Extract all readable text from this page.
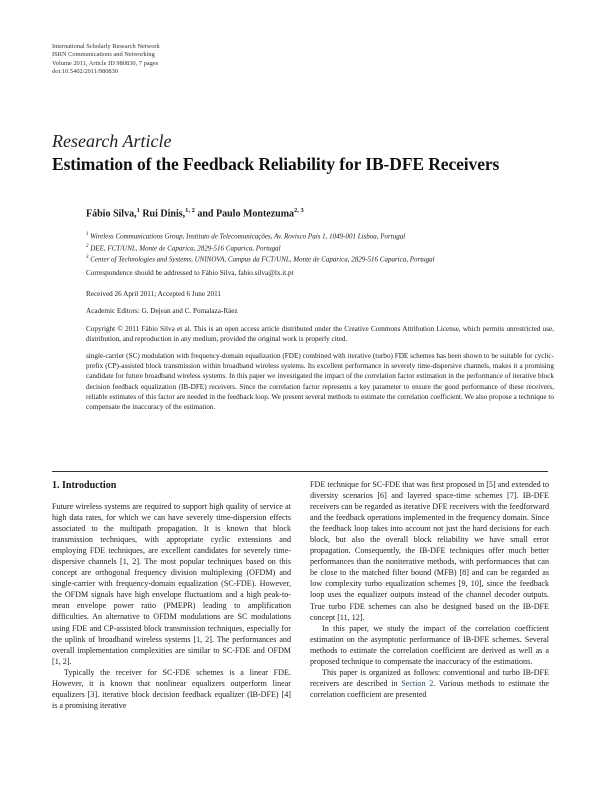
International Scholarly Research Network
ISRN Communications and Networking
Volume 2011, Article ID 980830, 7 pages
doi:10.5402/2011/980830
Research Article
Estimation of the Feedback Reliability for IB-DFE Receivers
Fábio Silva,$^1$ Rui Dinis,$^{1, 2}$ and Paulo Montezuma$^{2, 3}$
$^1$ Wireless Communications Group, Instituto de Telecomunicações, Av. Rovisco Pais 1, 1049-001 Lisboa, Portugal
$^2$ DEE, FCT/UNL, Monte de Caparica, 2829-516 Caparica, Portugal
$^3$ Center of Technologies and Systems, UNINOVA, Campus da FCT/UNL, Monte de Caparica, 2829-516 Caparica, Portugal
Correspondence should be addressed to Fábio Silva, fabio.silva@lx.it.pt
Received 26 April 2011; Accepted 6 June 2011
Academic Editors: G. Dejean and C. Pomalaza-Ráez
Copyright © 2011 Fábio Silva et al. This is an open access article distributed under the Creative Commons Attribution License, which permits unrestricted use, distribution, and reproduction in any medium, provided the original work is properly cited.
single-carrier (SC) modulation with frequency-domain equalization (FDE) combined with iterative (turbo) FDE schemes has been shown to be suitable for cyclic-prefix (CP)-assisted block transmission within broadband wireless systems. Its excellent performance in severely time-dispersive channels, makes it a promising candidate for future broadband wireless systems. In this paper we investigated the impact of the correlation factor estimation in the performance of iterative block decision feedback equalization (IB-DFE) receivers. Since the correlation factor represents a key parameter to ensure the good performance of these receivers, reliable estimates of this factor are needed in the feedback loop. We present several methods to estimate the correlation coefficient. We also propose a technique to compensate the inaccuracy of the estimation.
1. Introduction

Future wireless systems are required to support high quality of service at high data rates, for which we can have severely time-dispersion effects associated to the multipath propagation. It is known that block transmission techniques, with appropriate cyclic extensions and employing FDE techniques, are excellent candidates for severely time-dispersive channels [1, 2]. The most popular techniques based on this concept are orthogonal frequency division multiplexing (OFDM) and single-carrier with frequency-domain equalization (SC-FDE). However, the OFDM signals have high envelope fluctuations and a high peak-to-mean envelope power ratio (PMEPR) leading to amplification difficulties. An alternative to OFDM modulations are SC modulations using FDE and CP-assisted block transmission techniques, especially for the uplink of broadband wireless systems [1, 2]. The performances and overall implementation complexities are similar to SC-FDE and OFDM [1, 2].

Typically the receiver for SC-FDE schemes is a linear FDE. However, it is known that nonlinear equalizers outperform linear equalizers [3]. iterative block decision feedback equalizer (IB-DFE) [4] is a promising iterative

FDE technique for SC-FDE that was first proposed in [5] and extended to diversity scenarios [6] and layered space-time schemes [7]. IB-DFE receivers can be regarded as iterative DFE receivers with the feedforward and the feedback operations implemented in the frequency domain. Since the feedback loop takes into account not just the hard decisions for each block, but also the overall block reliability we have small error propagation. Consequently, the IB-DFE techniques offer much better performances than the noniterative methods, with performances that can be close to the matched filter bound (MFB) [8] and can be regarded as low complexity turbo equalization schemes [9, 10], since the feedback loop uses the equalizer outputs instead of the channel decoder outputs. True turbo FDE schemes can also be designed based on the IB-DFE concept [11, 12].

In this paper, we study the impact of the correlation coefficient estimation on the asymptotic performance of IB-DFE schemes. Several methods to estimate the correlation coefficient are derived as well as a proposed technique to compensate the inaccuracy of the estimations.

This paper is organized as follows: conventional and turbo IB-DFE receivers are described in Section 2. Various methods to estimate the correlation coefficient are presented
